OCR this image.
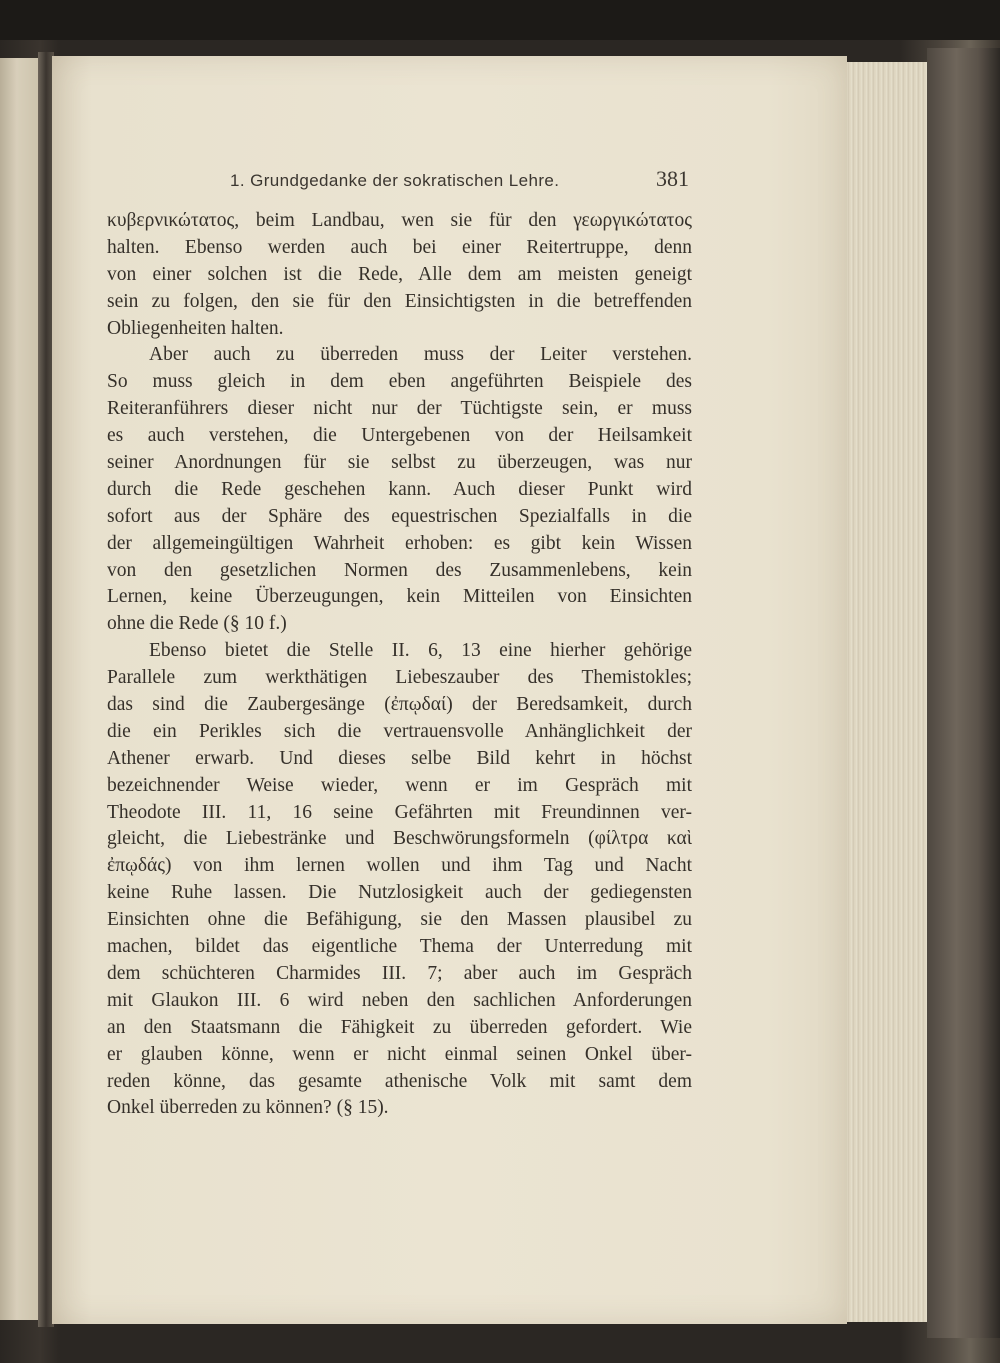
1. Grundgedanke der sokratischen Lehre.	381
κυβερνικώτατος, beim Landbau, wen sie für den γεωργικώτατος
halten. Ebenso werden auch bei einer Reitertruppe, denn
von einer solchen ist die Rede, Alle dem am meisten geneigt
sein zu folgen, den sie für den Einsichtigsten in die betreffenden
Obliegenheiten halten.
Aber auch zu überreden muss der Leiter verstehen.
So muss gleich in dem eben angeführten Beispiele des
Reiteranführers dieser nicht nur der Tüchtigste sein, er muss
es auch verstehen, die Untergebenen von der Heilsamkeit
seiner Anordnungen für sie selbst zu überzeugen, was nur
durch die Rede geschehen kann. Auch dieser Punkt wird
sofort aus der Sphäre des equestrischen Spezialfalls in die
der allgemeingültigen Wahrheit erhoben: es gibt kein Wissen
von den gesetzlichen Normen des Zusammenlebens, kein
Lernen, keine Überzeugungen, kein Mitteilen von Einsichten
ohne die Rede (§ 10 f.)
Ebenso bietet die Stelle II. 6, 13 eine hierher gehörige
Parallele zum werkthätigen Liebeszauber des Themistokles;
das sind die Zaubergesänge (ἐπῳδαί) der Beredsamkeit, durch
die ein Perikles sich die vertrauensvolle Anhänglichkeit der
Athener erwarb. Und dieses selbe Bild kehrt in höchst
bezeichnender Weise wieder, wenn er im Gespräch mit
Theodote III. 11, 16 seine Gefährten mit Freundinnen ver-
gleicht, die Liebestränke und Beschwörungsformeln (φίλτρα καὶ
ἐπῳδάς) von ihm lernen wollen und ihm Tag und Nacht
keine Ruhe lassen. Die Nutzlosigkeit auch der gediegensten
Einsichten ohne die Befähigung, sie den Massen plausibel zu
machen, bildet das eigentliche Thema der Unterredung mit
dem schüchteren Charmides III. 7; aber auch im Gespräch
mit Glaukon III. 6 wird neben den sachlichen Anforderungen
an den Staatsmann die Fähigkeit zu überreden gefordert. Wie
er glauben könne, wenn er nicht einmal seinen Onkel über-
reden könne, das gesamte athenische Volk mit samt dem
Onkel überreden zu können? (§ 15).
